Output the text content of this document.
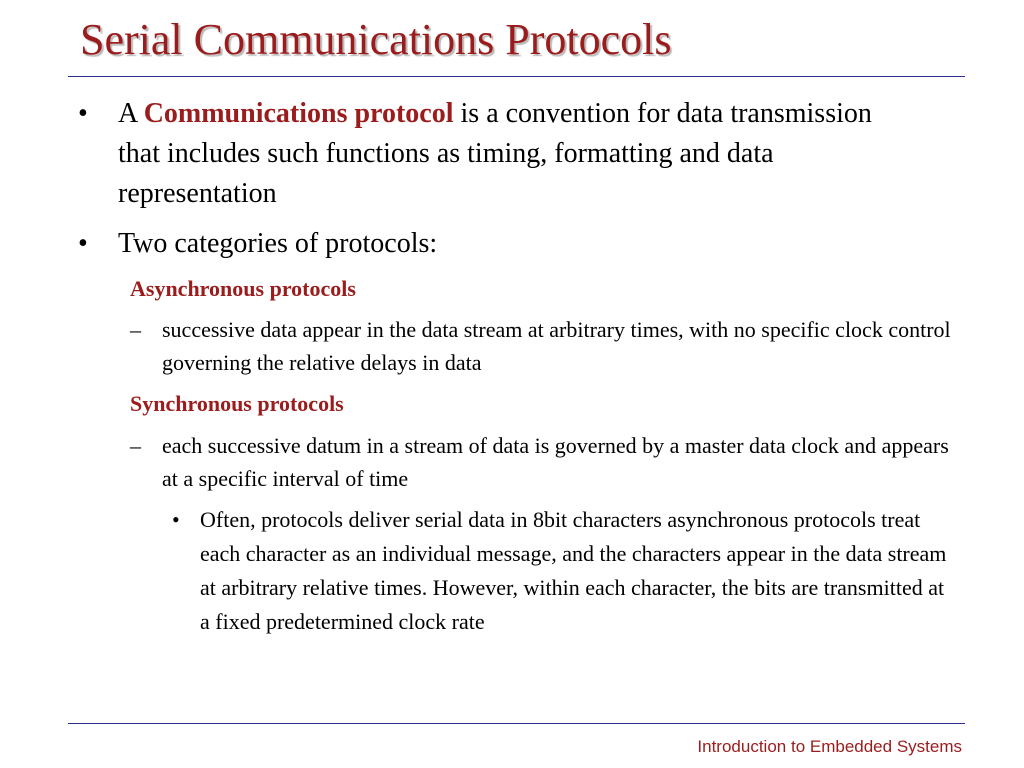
Serial Communications Protocols
• A Communications protocol is a convention for data transmission that includes such functions as timing, formatting and data representation
• Two categories of protocols:
Asynchronous protocols
– successive data appear in the data stream at arbitrary times, with no specific clock control governing the relative delays in data
Synchronous protocols
– each successive datum in a stream of data is governed by a master data clock and appears at a specific interval of time
• Often, protocols deliver serial data in 8bit characters asynchronous protocols treat each character as an individual message, and the characters appear in the data stream at arbitrary relative times. However, within each character, the bits are transmitted at a fixed predetermined clock rate
Introduction to Embedded Systems
